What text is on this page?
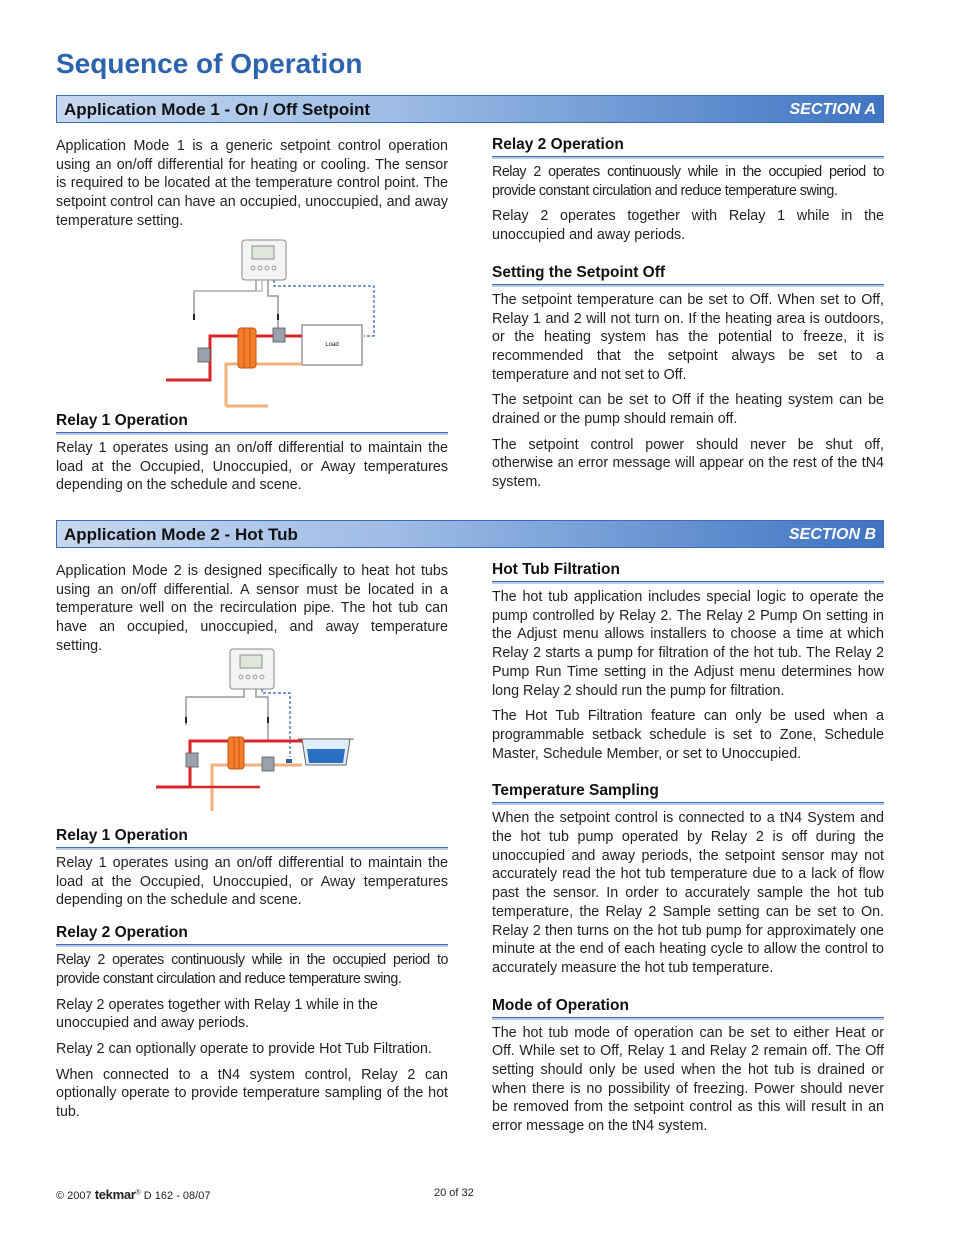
Sequence of Operation
Application Mode 1 - On / Off Setpoint	SECTION A

Application Mode 1 is a generic setpoint control operation using an on/off differential for heating or cooling. The sensor is required to be located at the temperature control point. The setpoint control can have an occupied, unoccupied, and away temperature setting.

Load
Relay 1 Operation

Relay 1 operates using an on/off differential to maintain the load at the Occupied, Unoccupied, or Away temperatures depending on the schedule and scene.

Relay 2 Operation

Relay 2 operates continuously while in the occupied period to provide constant circulation and reduce temperature swing.

Relay 2 operates together with Relay 1 while in the unoccupied and away periods.

Setting the Setpoint Off

The setpoint temperature can be set to Off. When set to Off, Relay 1 and 2 will not turn on. If the heating area is outdoors, or the heating system has the potential to freeze, it is recommended that the setpoint always be set to a temperature and not set to Off.

The setpoint can be set to Off if the heating system can be drained or the pump should remain off.

The setpoint control power should never be shut off, otherwise an error message will appear on the rest of the tN4 system.

Application Mode 2 - Hot Tub	SECTION B

Application Mode 2 is designed specifically to heat hot tubs using an on/off differential. A sensor must be located in a temperature well on the recirculation pipe. The hot tub can have an occupied, unoccupied, and away temperature setting.

Relay 1 Operation

Relay 1 operates using an on/off differential to maintain the load at the Occupied, Unoccupied, or Away temperatures depending on the schedule and scene.

Relay 2 Operation

Relay 2 operates continuously while in the occupied period to provide constant circulation and reduce temperature swing.

Relay 2 operates together with Relay 1 while in the unoccupied and away periods.

Relay 2 can optionally operate to provide Hot Tub Filtration.

When connected to a tN4 system control, Relay 2 can optionally operate to provide temperature sampling of the hot tub.

Hot Tub Filtration

The hot tub application includes special logic to operate the pump controlled by Relay 2. The Relay 2 Pump On setting in the Adjust menu allows installers to choose a time at which Relay 2 starts a pump for filtration of the hot tub. The Relay 2 Pump Run Time setting in the Adjust menu determines how long Relay 2 should run the pump for filtration.

The Hot Tub Filtration feature can only be used when a programmable setback schedule is set to Zone, Schedule Master, Schedule Member, or set to Unoccupied.

Temperature Sampling

When the setpoint control is connected to a tN4 System and the hot tub pump operated by Relay 2 is off during the unoccupied and away periods, the setpoint sensor may not accurately read the hot tub temperature due to a lack of flow past the sensor. In order to accurately sample the hot tub temperature, the Relay 2 Sample setting can be set to On. Relay 2 then turns on the hot tub pump for approximately one minute at the end of each heating cycle to allow the control to accurately measure the hot tub temperature.

Mode of Operation

The hot tub mode of operation can be set to either Heat or Off. While set to Off, Relay 1 and Relay 2 remain off. The Off setting should only be used when the hot tub is drained or when there is no possibility of freezing. Power should never be removed from the setpoint control as this will result in an error message on the tN4 system.

© 2007 tekmar® D 162 - 08/07	20 of 32
